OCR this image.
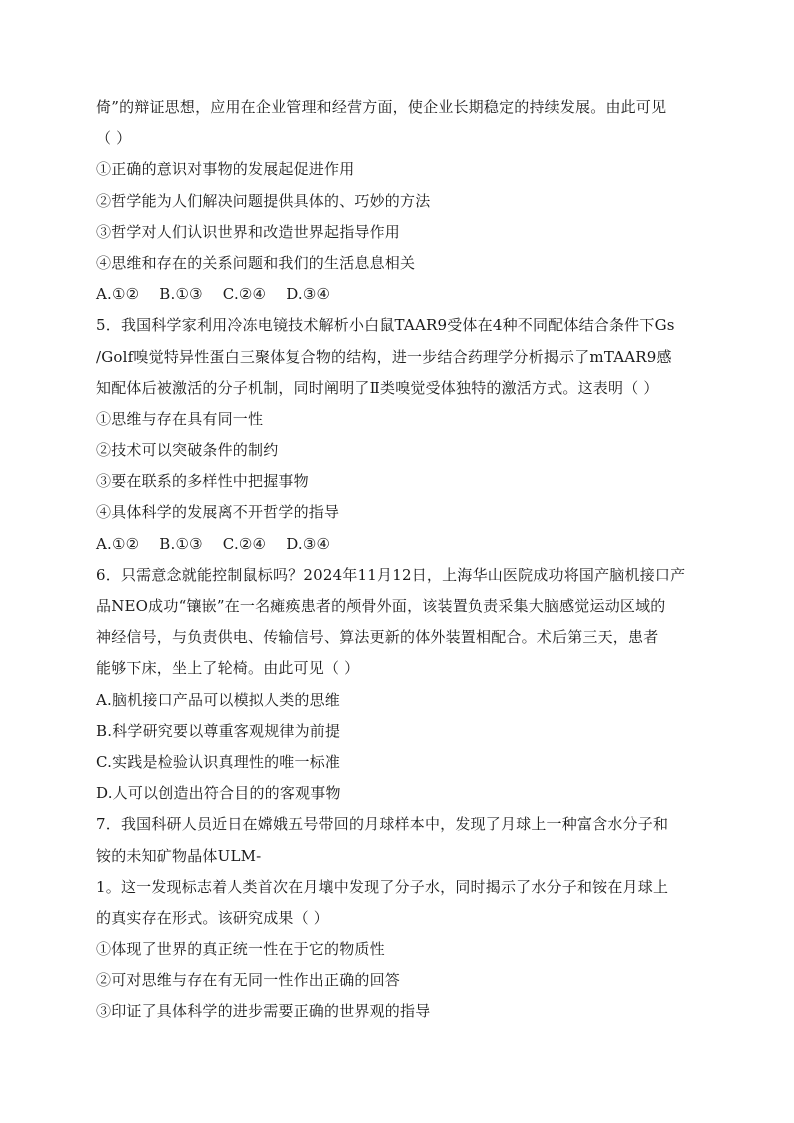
倚”的辩证思想，应用在企业管理和经营方面，使企业长期稳定的持续发展。由此可见
（ ）
①正确的意识对事物的发展起促进作用
②哲学能为人们解决问题提供具体的、巧妙的方法
③哲学对人们认识世界和改造世界起指导作用
④思维和存在的关系问题和我们的生活息息相关
A.①② B.①③ C.②④ D.③④
5．我国科学家利用冷冻电镜技术解析小白鼠TAAR9受体在4种不同配体结合条件下Gs
/Golf嗅觉特异性蛋白三聚体复合物的结构，进一步结合药理学分析揭示了mTAAR9感
知配体后被激活的分子机制，同时阐明了Ⅱ类嗅觉受体独特的激活方式。这表明（ ）
①思维与存在具有同一性
②技术可以突破条件的制约
③要在联系的多样性中把握事物
④具体科学的发展离不开哲学的指导
A.①② B.①③ C.②④ D.③④
6．只需意念就能控制鼠标吗？2024年11月12日，上海华山医院成功将国产脑机接口产
品NEO成功“镶嵌”在一名瘫痪患者的颅骨外面，该装置负责采集大脑感觉运动区域的
神经信号，与负责供电、传输信号、算法更新的体外装置相配合。术后第三天，患者
能够下床，坐上了轮椅。由此可见（ ）
A.脑机接口产品可以模拟人类的思维
B.科学研究要以尊重客观规律为前提
C.实践是检验认识真理性的唯一标准
D.人可以创造出符合目的的客观事物
7．我国科研人员近日在嫦娥五号带回的月球样本中，发现了月球上一种富含水分子和
铵的未知矿物晶体ULM-
1。这一发现标志着人类首次在月壤中发现了分子水，同时揭示了水分子和铵在月球上
的真实存在形式。该研究成果（ ）
①体现了世界的真正统一性在于它的物质性
②可对思维与存在有无同一性作出正确的回答
③印证了具体科学的进步需要正确的世界观的指导
